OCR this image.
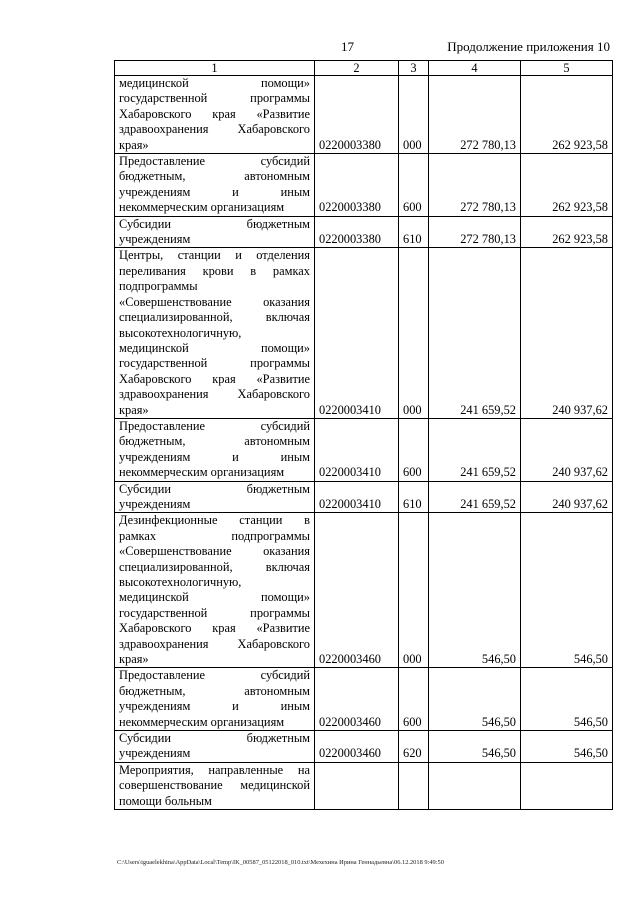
17	Продолжение приложения 10
1	2	3	4	5
медицинской помощи» государственной программы Хабаровского края «Развитие здравоохранения Хабаровского края»	0220003380	000	272 780,13	262 923,58
Предоставление субсидий бюджетным, автономным учреждениям и иным некоммерческим организациям	0220003380	600	272 780,13	262 923,58
Субсидии бюджетным учреждениям	0220003380	610	272 780,13	262 923,58
Центры, станции и отделения переливания крови в рамках подпрограммы «Совершенствование оказания специализированной, включая высокотехнологичную, медицинской помощи» государственной программы Хабаровского края «Развитие здравоохранения Хабаровского края»	0220003410	000	241 659,52	240 937,62
Предоставление субсидий бюджетным, автономным учреждениям и иным некоммерческим организациям	0220003410	600	241 659,52	240 937,62
Субсидии бюджетным учреждениям	0220003410	610	241 659,52	240 937,62
Дезинфекционные станции в рамках подпрограммы «Совершенствование оказания специализированной, включая высокотехнологичную, медицинской помощи» государственной программы Хабаровского края «Развитие здравоохранения Хабаровского края»	0220003460	000	546,50	546,50
Предоставление субсидий бюджетным, автономным учреждениям и иным некоммерческим организациям	0220003460	600	546,50	546,50
Субсидии бюджетным учреждениям	0220003460	620	546,50	546,50
Мероприятия, направленные на совершенствование медицинской помощи больным				
C:\Users\iguaelekhina\AppData\Local\Temp\IK_00587_05122018_010.txt\Мехехина Ирина Геннадьевна\06.12.2018 9:49:50
